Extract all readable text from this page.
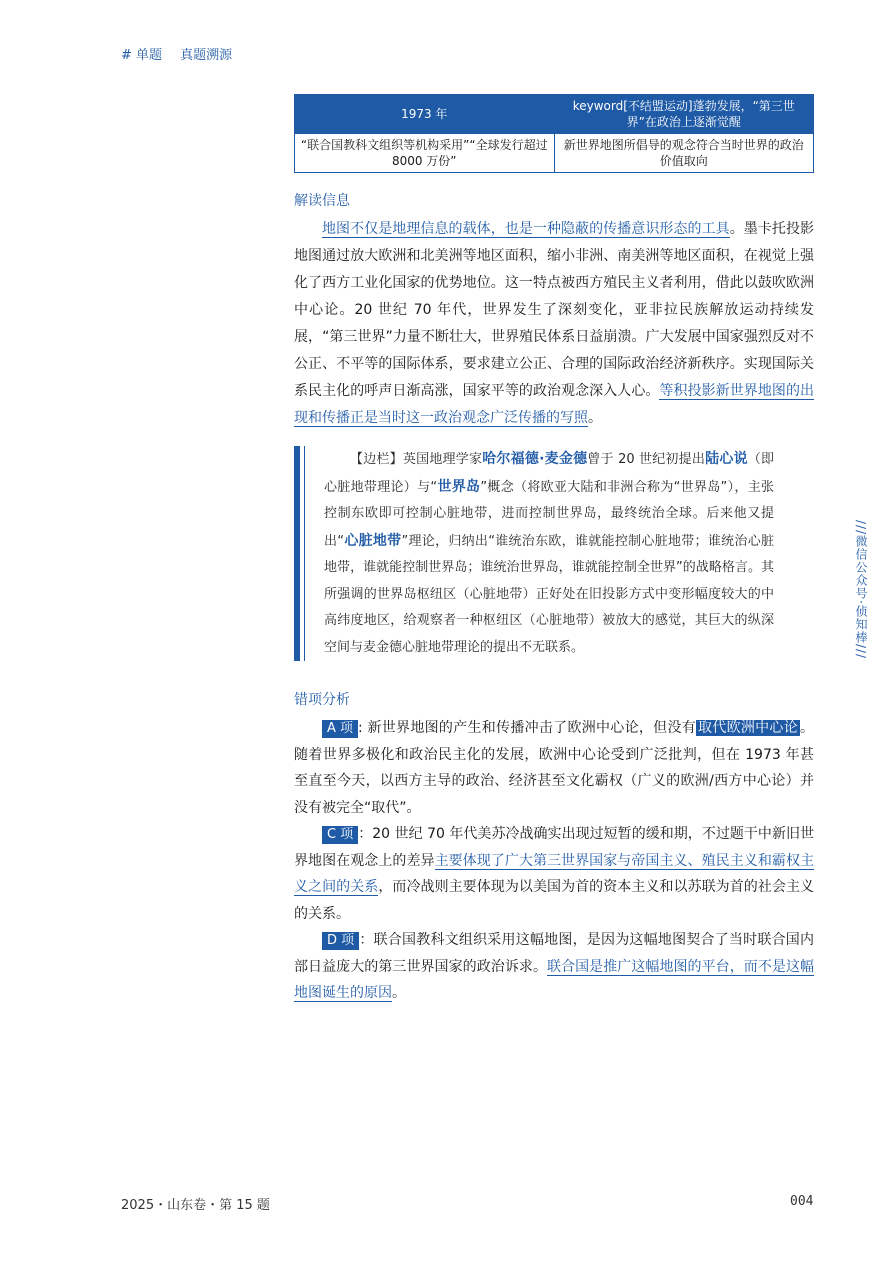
# 单题 真题溯源
1973 年	keyword[不结盟运动]蓬勃发展，“第三世界”在政治上逐渐觉醒
“联合国教科文组织等机构采用”“全球发行超过 8000 万份”	新世界地图所倡导的观念符合当时世界的政治价值取向
解读信息

地图不仅是地理信息的载体，也是一种隐蔽的传播意识形态的工具。墨卡托投影地图通过放大欧洲和北美洲等地区面积，缩小非洲、南美洲等地区面积，在视觉上强化了西方工业化国家的优势地位。这一特点被西方殖民主义者利用，借此以鼓吹欧洲中心论。20 世纪 70 年代，世界发生了深刻变化，亚非拉民族解放运动持续发展，“第三世界”力量不断壮大，世界殖民体系日益崩溃。广大发展中国家强烈反对不公正、不平等的国际体系，要求建立公正、合理的国际政治经济新秩序。实现国际关系民主化的呼声日渐高涨，国家平等的政治观念深入人心。等积投影新世界地图的出现和传播正是当时这一政治观念广泛传播的写照。

【边栏】英国地理学家哈尔福德·麦金德曾于 20 世纪初提出陆心说（即心脏地带理论）与“世界岛”概念（将欧亚大陆和非洲合称为“世界岛”），主张控制东欧即可控制心脏地带，进而控制世界岛，最终统治全球。后来他又提出“心脏地带”理论，归纳出“谁统治东欧，谁就能控制心脏地带；谁统治心脏地带，谁就能控制世界岛；谁统治世界岛，谁就能控制全世界”的战略格言。其所强调的世界岛枢纽区（心脏地带）正好处在旧投影方式中变形幅度较大的中高纬度地区，给观察者一种枢纽区（心脏地带）被放大的感觉，其巨大的纵深空间与麦金德心脏地带理论的提出不无联系。

错项分析

A 项 : 新世界地图的产生和传播冲击了欧洲中心论，但没有 取代欧洲中心论 。随着世界多极化和政治民主化的发展，欧洲中心论受到广泛批判，但在 1973 年甚至直至今天，以西方主导的政治、经济甚至文化霸权（广义的欧洲/西方中心论）并没有被完全“取代”。

C 项 ：20 世纪 70 年代美苏冷战确实出现过短暂的缓和期，不过题干中新旧世界地图在观念上的差异主要体现了广大第三世界国家与帝国主义、殖民主义和霸权主义之间的关系，而冷战则主要体现为以美国为首的资本主义和以苏联为首的社会主义的关系。

D 项 ：联合国教科文组织采用这幅地图，是因为这幅地图契合了当时联合国内部日益庞大的第三世界国家的政治诉求。联合国是推广这幅地图的平台，而不是这幅地图诞生的原因。

///微信公众号·侦知棒///
2025・山东卷・第 15 题	004
